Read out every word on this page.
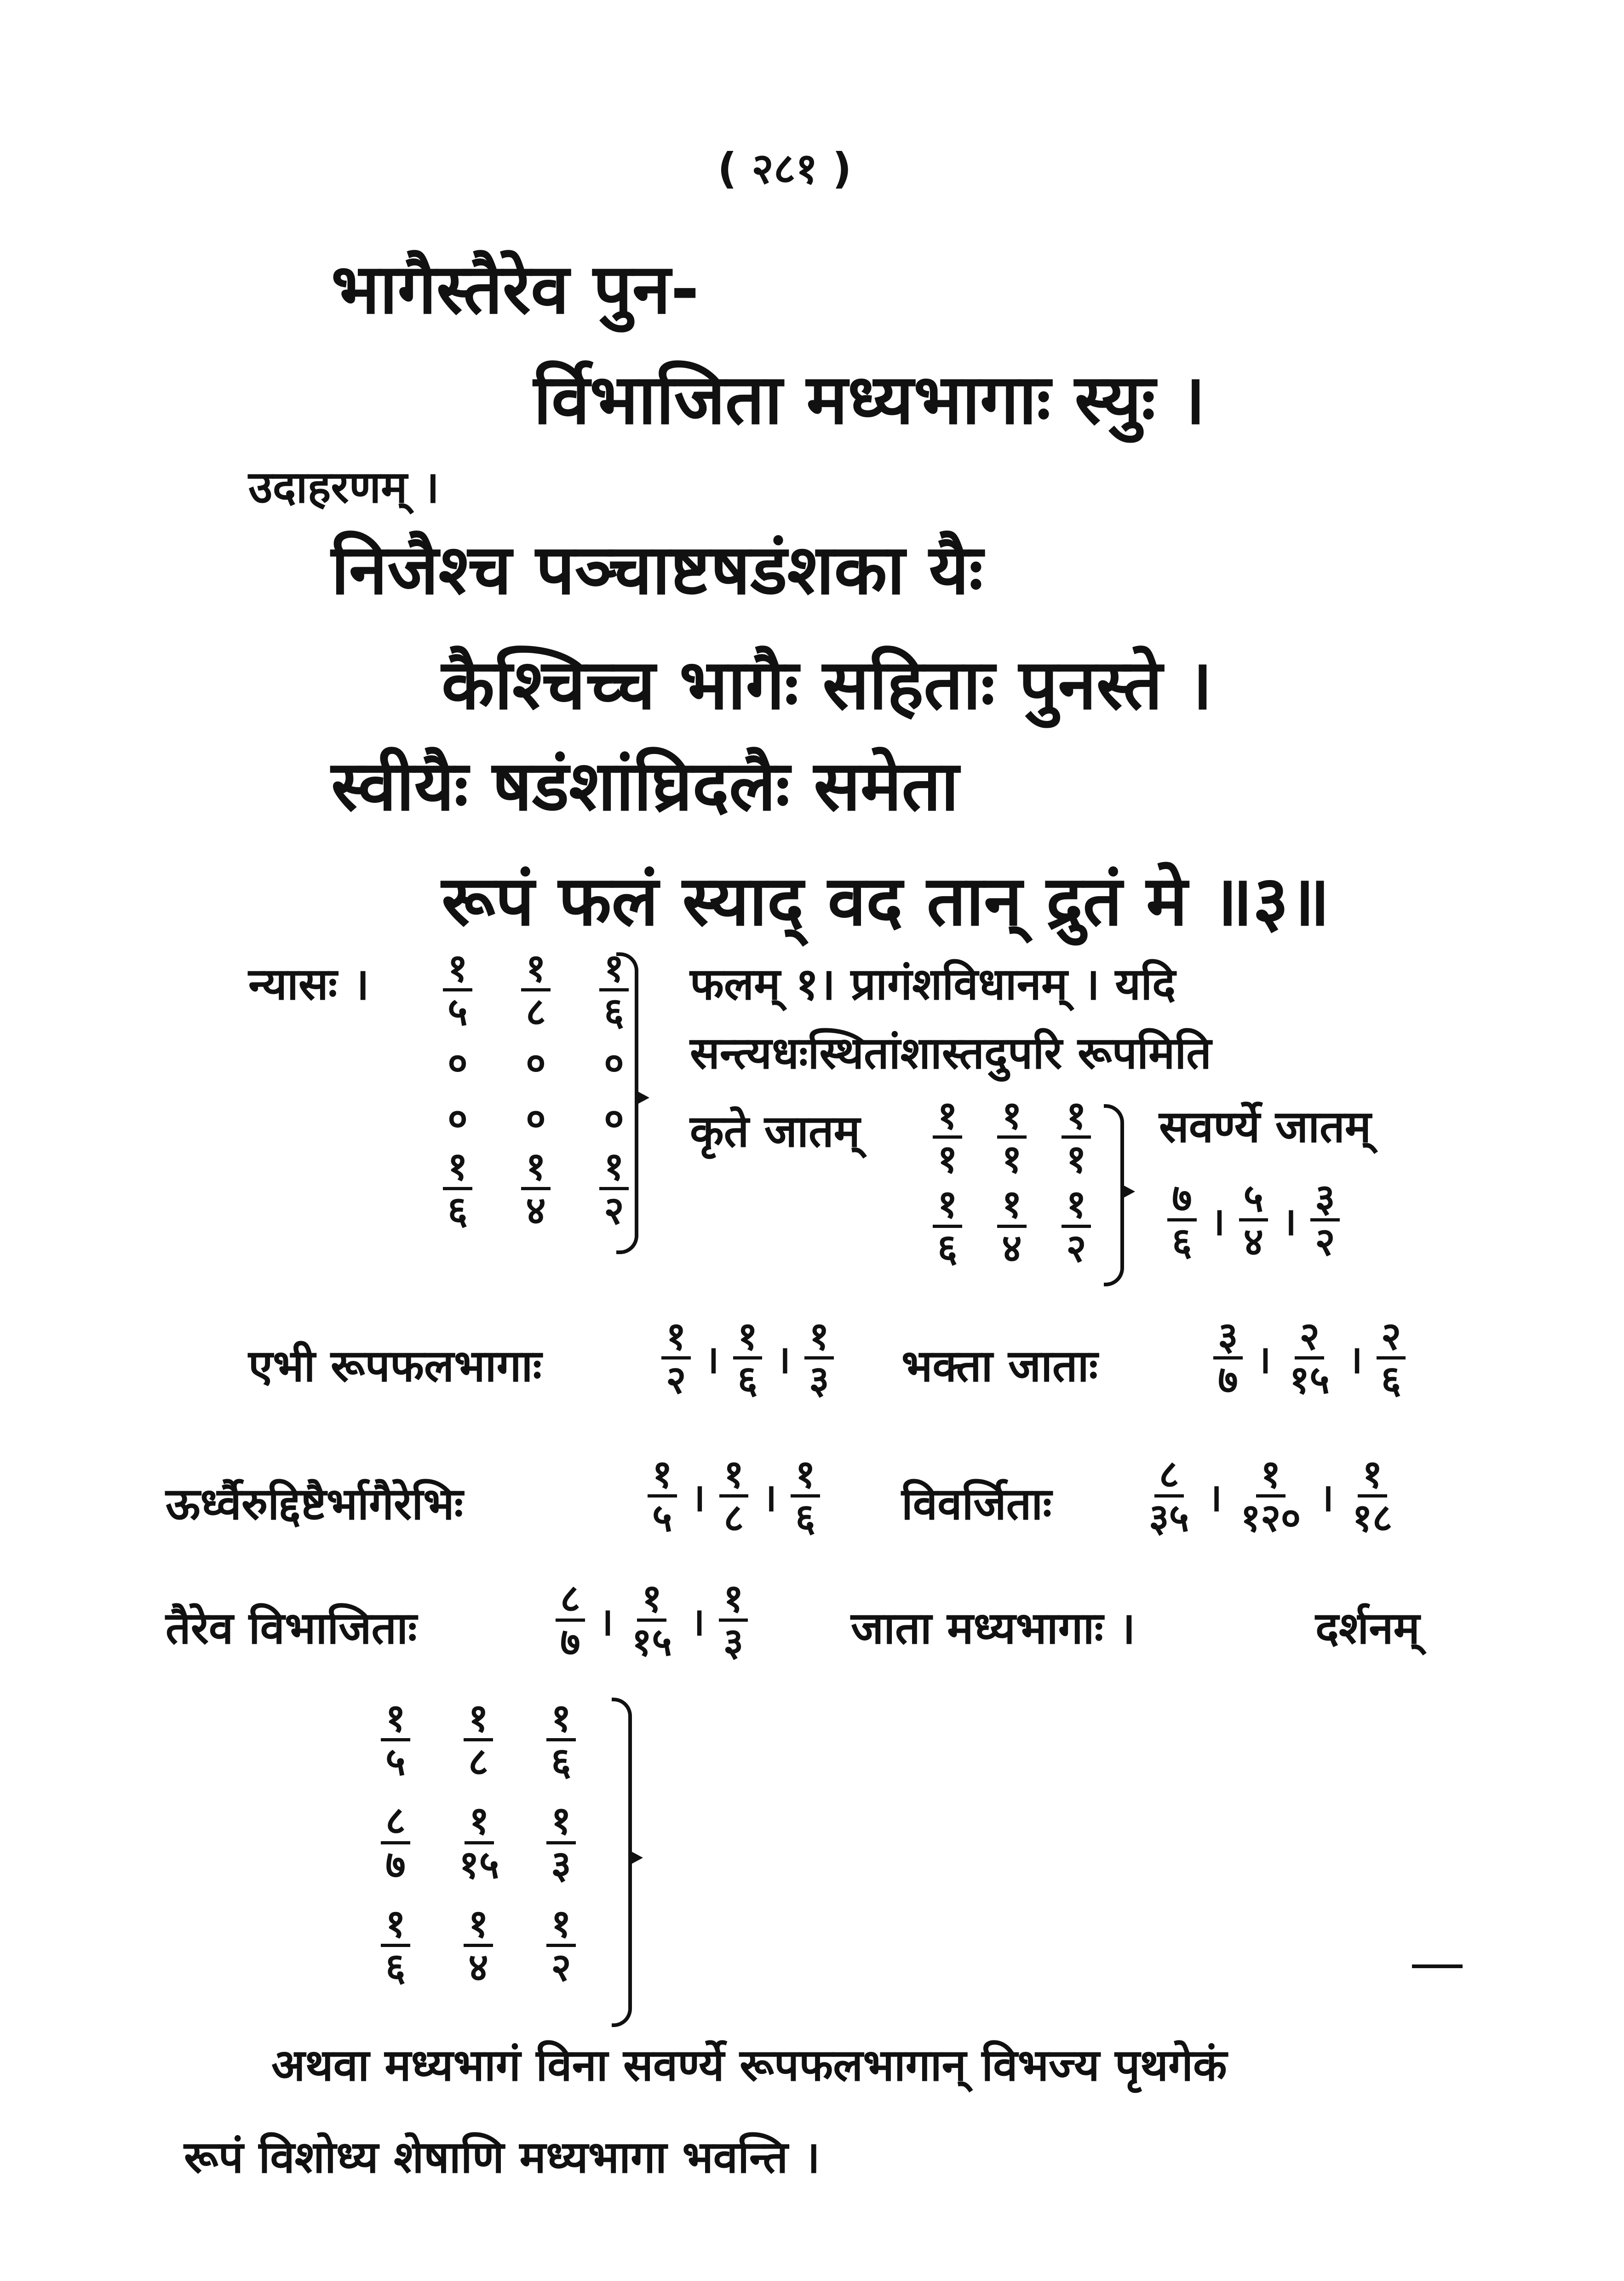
( २८१ )
भागैस्तैरेव पुन-
र्विभाजिता मध्यभागाः स्युः ।
उदाहरणम् ।
निजैश्च पञ्चाष्टषडंशका यैः
कैश्चिच्च भागैः सहिताः पुनस्ते ।
स्वीयैः षडंशांघ्रिदलैः समेता
रूपं फलं स्याद् वद तान् द्रुतं मे ॥३॥
न्यासः । $\frac{१}{५} \frac{१}{८} \frac{१}{६}$
०	०	०
०	०	०
$\frac{१}{६} \frac{१}{४} \frac{१}{२}$
फलम् १। प्रागंशविधानम् । यदि
सन्त्यधःस्थितांशास्तदुपरि रूपमिति
कृते जातम् $\frac{१}{१} \frac{१}{१} \frac{१}{१}$
$\frac{१}{६} \frac{१}{४} \frac{१}{२}$
सवर्ण्ये जातम्
$\frac{७}{६}$ । $\frac{५}{४}$ । $\frac{३}{२}$
एभी रूपफलभागाः	$\frac{१}{२}$ । $\frac{१}{६}$ । $\frac{१}{३}$ भक्ता जाताः	$\frac{३}{७}$ । $\frac{२}{१५}$ । $\frac{२}{६}$
ऊर्ध्वैरुद्दिष्टैर्भागैरेभिः	$\frac{१}{५}$ । $\frac{१}{८}$ । $\frac{१}{६}$ विवर्जिताः $\frac{८}{३५}$ । $\frac{१}{१२०}$ । $\frac{१}{१८}$
तैरेव विभाजिताः	$\frac{८}{७}$ । $\frac{१}{१५}$ । $\frac{१}{३}$ जाता मध्यभागाः ।	दर्शनम्
$\frac{१}{५} \frac{१}{८} \frac{१}{६}$
$\frac{८}{७} \frac{१}{१५} \frac{१}{३}$
$\frac{१}{६} \frac{१}{४} \frac{१}{२}$
अथवा मध्यभागं विना सवर्ण्ये रूपफलभागान् विभज्य पृथगेकं
रूपं विशोध्य शेषाणि मध्यभागा भवन्ति ।
